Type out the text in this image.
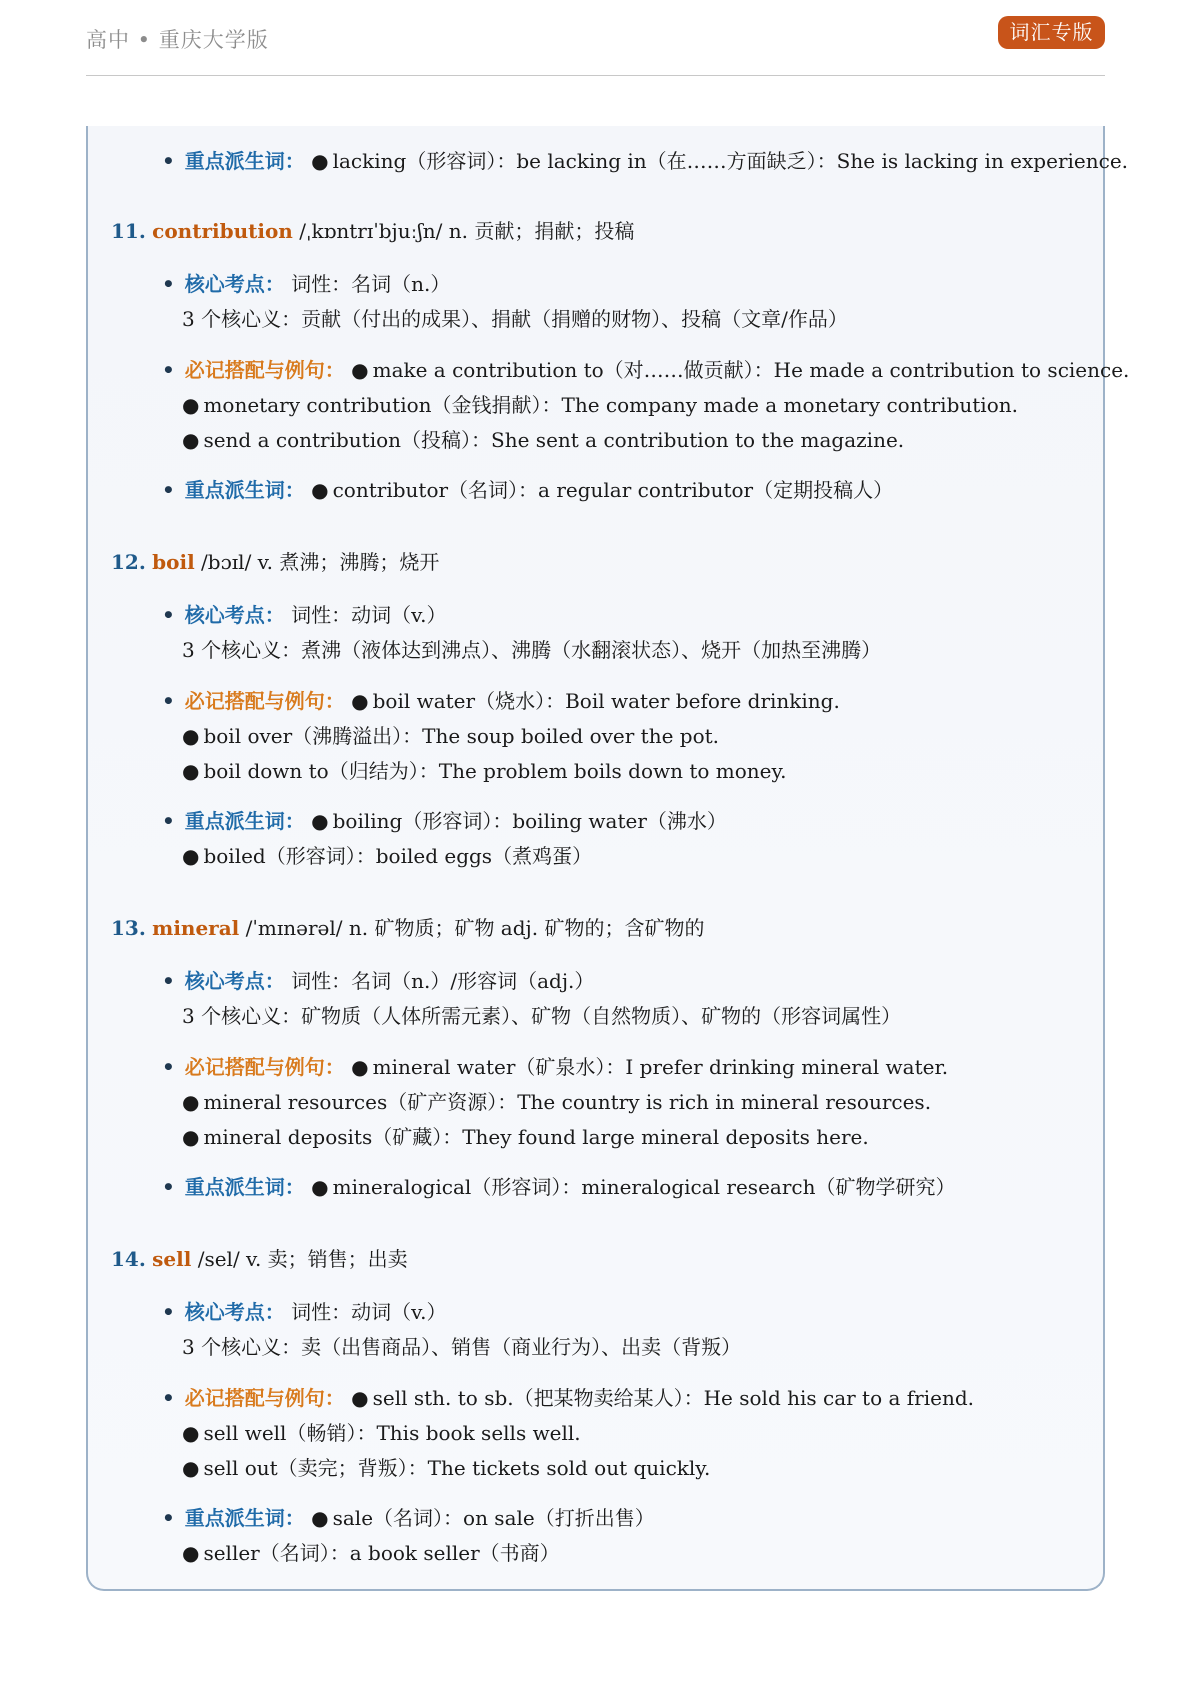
高中 • 重庆大学版	词汇专版
• 重点派生词： ● lacking（形容词）：be lacking in（在……方面缺乏）：She is lacking in experience.
11. contribution /ˌkɒntrɪˈbjuːʃn/ n. 贡献；捐献；投稿
• 核心考点： 词性：名词（n.）
3 个核心义：贡献（付出的成果）、捐献（捐赠的财物）、投稿（文章/作品）
• 必记搭配与例句： ● make a contribution to（对……做贡献）：He made a contribution to science.
● monetary contribution（金钱捐献）：The company made a monetary contribution.
● send a contribution（投稿）：She sent a contribution to the magazine.
• 重点派生词： ● contributor（名词）：a regular contributor（定期投稿人）
12. boil /bɔɪl/ v. 煮沸；沸腾；烧开
• 核心考点： 词性：动词（v.）
3 个核心义：煮沸（液体达到沸点）、沸腾（水翻滚状态）、烧开（加热至沸腾）
• 必记搭配与例句： ● boil water（烧水）：Boil water before drinking.
● boil over（沸腾溢出）：The soup boiled over the pot.
● boil down to（归结为）：The problem boils down to money.
• 重点派生词： ● boiling（形容词）：boiling water（沸水）
● boiled（形容词）：boiled eggs（煮鸡蛋）
13. mineral /ˈmɪnərəl/ n. 矿物质；矿物 adj. 矿物的；含矿物的
• 核心考点： 词性：名词（n.）/形容词（adj.）
3 个核心义：矿物质（人体所需元素）、矿物（自然物质）、矿物的（形容词属性）
• 必记搭配与例句： ● mineral water（矿泉水）：I prefer drinking mineral water.
● mineral resources（矿产资源）：The country is rich in mineral resources.
● mineral deposits（矿藏）：They found large mineral deposits here.
• 重点派生词： ● mineralogical（形容词）：mineralogical research（矿物学研究）
14. sell /sel/ v. 卖；销售；出卖
• 核心考点： 词性：动词（v.）
3 个核心义：卖（出售商品）、销售（商业行为）、出卖（背叛）
• 必记搭配与例句： ● sell sth. to sb.（把某物卖给某人）：He sold his car to a friend.
● sell well（畅销）：This book sells well.
● sell out（卖完；背叛）：The tickets sold out quickly.
• 重点派生词： ● sale（名词）：on sale（打折出售）
● seller（名词）：a book seller（书商）
